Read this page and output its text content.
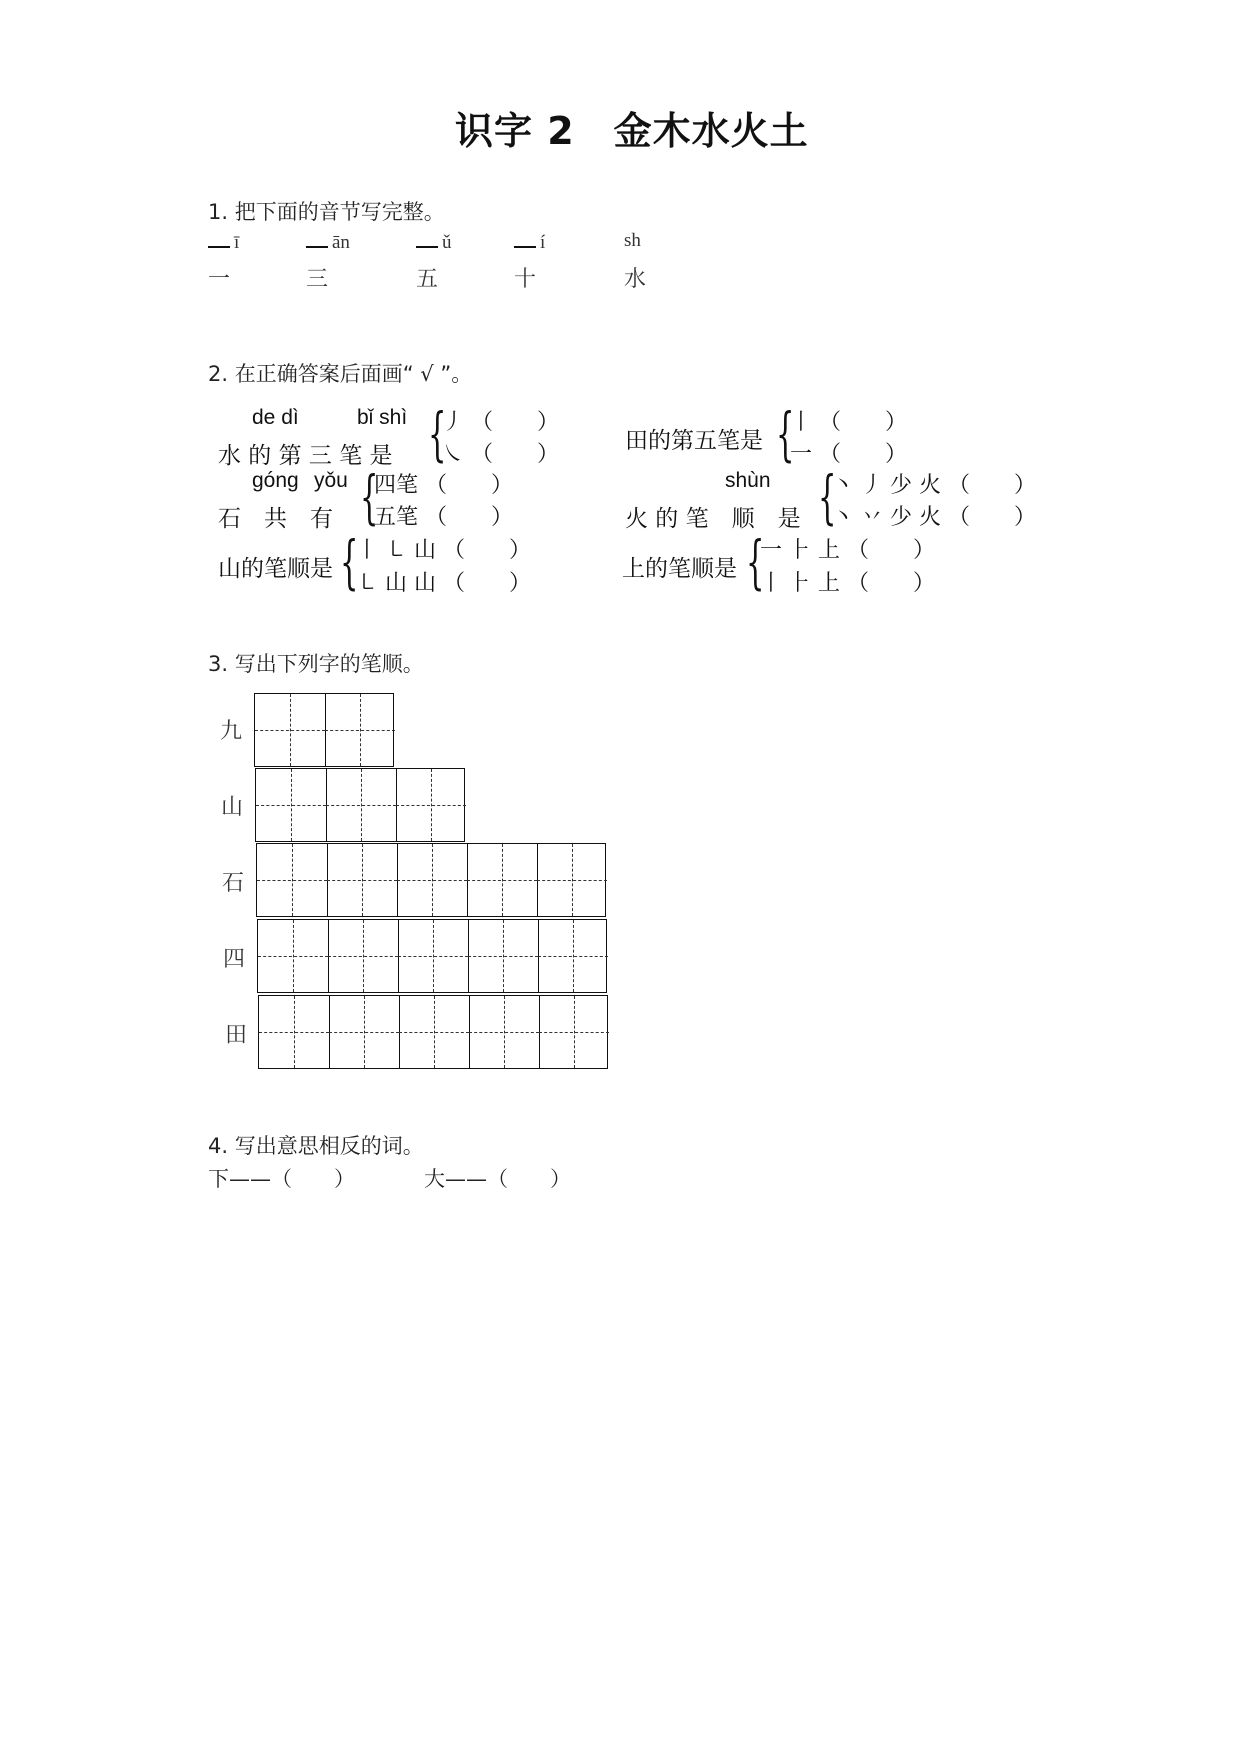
识字 2　金木水火土
1. 把下面的音节写完整。
ī	ān	ǔ	í	sh
一	三	五	十	水
2. 在正确答案后面画“ √ ”。
de dì	bǐ shì
水 的 第 三 笔 是 {
丿 （　　）
㇏ （　　）
田的第五笔是 {
丨 （　　）
一 （　　）
góng yǒu
石　共　有 {
四笔 （　　）
五笔 （　　）
shùn
火 的 笔　顺　是 {
丶 丿 少 火 （　　）
丶 丷 少 火 （　　）
山的笔顺是 {
丨 ㇄ 山 （　　）
㇄ 山 山 （　　）
上的笔顺是 {
一 ⺊ 上 （　　）
丨 ⺊ 上 （　　）
3. 写出下列字的笔顺。
九
山
石
四
田
4. 写出意思相反的词。
下——（　　）	大——（　　）
